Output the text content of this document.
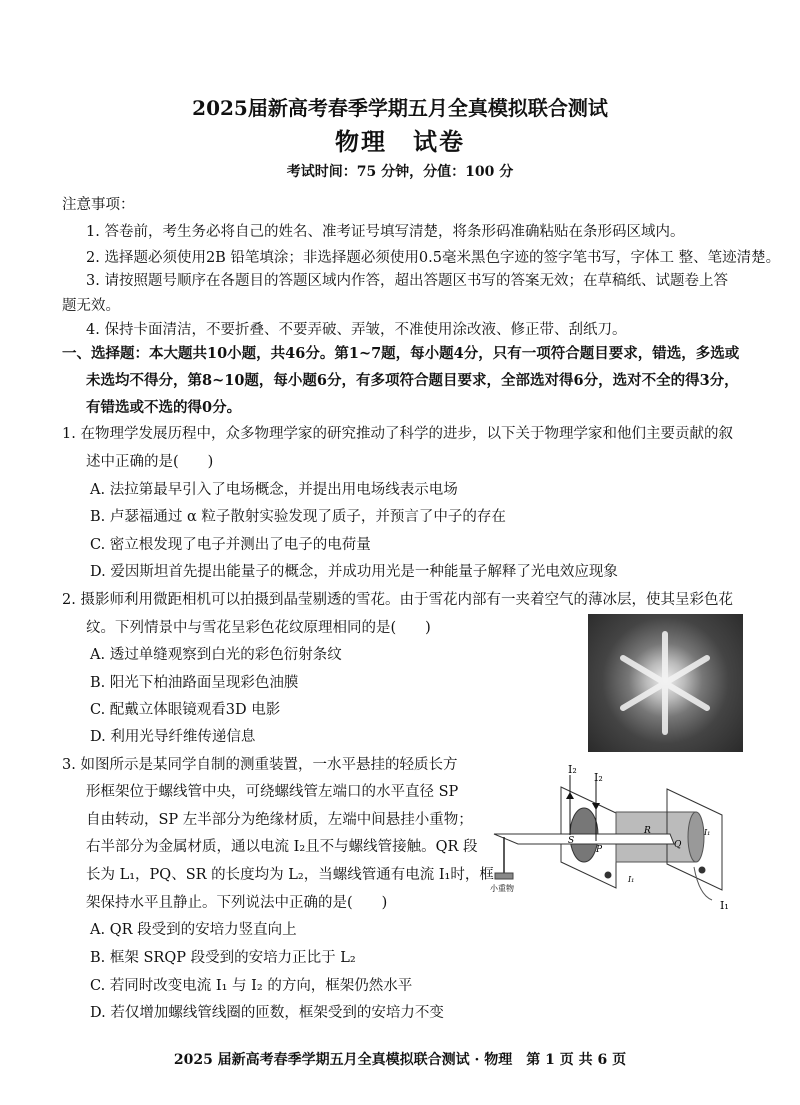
2025届新高考春季学期五月全真模拟联合测试
物理　试卷
考试时间：75 分钟，分值：100 分
注意事项：
1. 答卷前，考生务必将自己的姓名、准考证号填写清楚，将条形码准确粘贴在条形码区域内。
2. 选择题必须使用2B 铅笔填涂；非选择题必须使用0.5毫米黑色字迹的签字笔书写，字体工 整、笔迹清楚。
3. 请按照题号顺序在各题目的答题区域内作答，超出答题区书写的答案无效；在草稿纸、试题卷上答
题无效。
4. 保持卡面清洁，不要折叠、不要弄破、弄皱，不准使用涂改液、修正带、刮纸刀。
一、选择题：本大题共10小题，共46分。第1~7题，每小题4分，只有一项符合题目要求，错选，多选或
未选均不得分，第8~10题，每小题6分，有多项符合题目要求，全部选对得6分，选对不全的得3分，
有错选或不选的得0分。
1. 在物理学发展历程中，众多物理学家的研究推动了科学的进步，以下关于物理学家和他们主要贡献的叙
述中正确的是(　　)
A. 法拉第最早引入了电场概念，并提出用电场线表示电场
B. 卢瑟福通过 α 粒子散射实验发现了质子，并预言了中子的存在
C. 密立根发现了电子并测出了电子的电荷量
D. 爱因斯坦首先提出能量子的概念，并成功用光是一种能量子解释了光电效应现象
2. 摄影师利用微距相机可以拍摄到晶莹剔透的雪花。由于雪花内部有一夹着空气的薄冰层，使其呈彩色花
纹。下列情景中与雪花呈彩色花纹原理相同的是(　　)
A. 透过单缝观察到白光的彩色衍射条纹
B. 阳光下柏油路面呈现彩色油膜
C. 配戴立体眼镜观看3D 电影
D. 利用光导纤维传递信息
3. 如图所示是某同学自制的测重装置，一水平悬挂的轻质长方
形框架位于螺线管中央，可绕螺线管左端口的水平直径 SP
自由转动，SP 左半部分为绝缘材质，左端中间悬挂小重物；
右半部分为金属材质，通以电流 I₂且不与螺线管接触。QR 段
长为 L₁，PQ、SR 的长度均为 L₂，当螺线管通有电流 I₁时，框
架保持水平且静止。下列说法中正确的是(　　)
A. QR 段受到的安培力竖直向上
B. 框架 SRQP 段受到的安培力正比于 L₂
C. 若同时改变电流 I₁ 与 I₂ 的方向，框架仍然水平
D. 若仅增加螺线管线圈的匝数，框架受到的安培力不变
I₂
I₂
S
P
R
Q
I₁
I₁
I₁
小重物
2025 届新高考春季学期五月全真模拟联合测试 · 物理　第 1 页 共 6 页
